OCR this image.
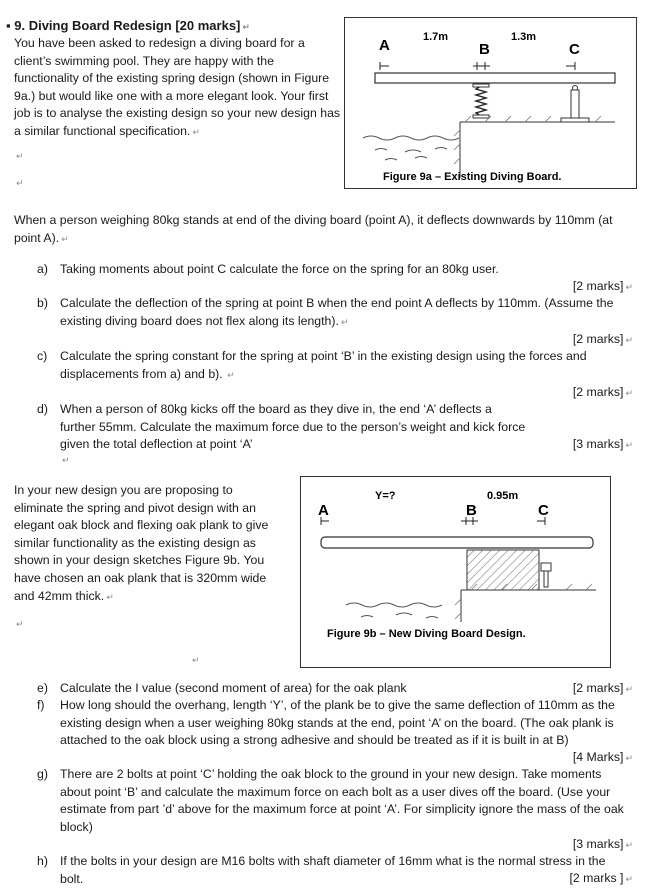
▪ 9. Diving Board Redesign [20 marks] ↵
You have been asked to redesign a diving board for a client’s swimming pool. They are happy with the functionality of the existing spring design (shown in Figure 9a.) but would like one with a more elegant look. Your first job is to analyse the existing design so your new design has a similar functional specification. ↵
↵
↵
A	B	C
1.7m	1.3m
Figure 9a – Existing Diving Board.
When a person weighing 80kg stands at end of the diving board (point A), it deflects downwards by 110mm (at point A). ↵
a) Taking moments about point C calculate the force on the spring for an 80kg user.
[2 marks] ↵
b) Calculate the deflection of the spring at point B when the end point A deflects by 110mm. (Assume the existing diving board does not flex along its length). ↵
[2 marks] ↵
c) Calculate the spring constant for the spring at point ‘B’ in the existing design using the forces and displacements from a) and b). ↵
[2 marks] ↵
d) When a person of 80kg kicks off the board as they dive in, the end ‘A’ deflects a further 55mm. Calculate the maximum force due to the person’s weight and kick force given the total deflection at point ‘A’	[3 marks] ↵
↵
In your new design you are proposing to eliminate the spring and pivot design with an elegant oak block and flexing oak plank to give similar functionality as the existing design as shown in your design sketches Figure 9b. You have chosen an oak plank that is 320mm wide and 42mm thick. ↵
↵
↵
A	B	C
Y=?	0.95m
Figure 9b – New Diving Board Design.
e) Calculate the I value (second moment of area) for the oak plank	[2 marks] ↵
f) How long should the overhang, length ‘Y’, of the plank be to give the same deflection of 110mm as the existing design when a user weighing 80kg stands at the end, point ‘A’ on the board. (The oak plank is attached to the oak block using a strong adhesive and should be treated as if it is built in at B)
[4 Marks] ↵
g) There are 2 bolts at point ‘C’ holding the oak block to the ground in your new design. Take moments about point ‘B’ and calculate the maximum force on each bolt as a user dives off the board. (Use your estimate from part ’d’ above for the maximum force at point ‘A’. For simplicity ignore the mass of the oak block)
[3 marks] ↵
h) If the bolts in your design are M16 bolts with shaft diameter of 16mm what is the normal stress in the bolt.	[2 marks ] ↵
